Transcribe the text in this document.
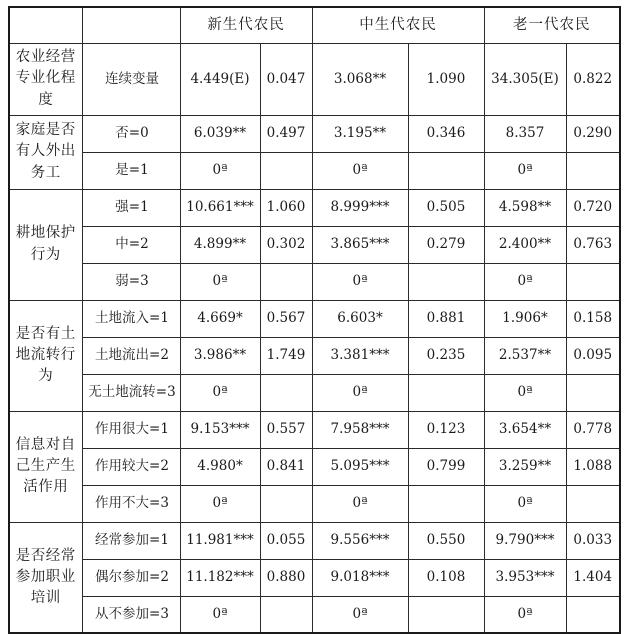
		新生代农民		中生代农民		老一代农民	
农业经营专业化程度	连续变量	4.449(E)	0.047	3.068**	1.090	34.305(E)	0.822
家庭是否有人外出务工	否=0	6.039**	0.497	3.195**	0.346	8.357	0.290
	是=1	0ª		0ª		0ª	
耕地保护行为	强=1	10.661***	1.060	8.999***	0.505	4.598**	0.720
	中=2	4.899**	0.302	3.865***	0.279	2.400**	0.763
	弱=3	0ª		0ª		0ª	
是否有土地流转行为	土地流入=1	4.669*	0.567	6.603*	0.881	1.906*	0.158
	土地流出=2	3.986**	1.749	3.381***	0.235	2.537**	0.095
	无土地流转=3	0ª		0ª		0ª	
信息对自己生产生活作用	作用很大=1	9.153***	0.557	7.958***	0.123	3.654**	0.778
	作用较大=2	4.980*	0.841	5.095***	0.799	3.259**	1.088
	作用不大=3	0ª		0ª		0ª	
是否经常参加职业培训	经常参加=1	11.981***	0.055	9.556***	0.550	9.790***	0.033
	偶尔参加=2	11.182***	0.880	9.018***	0.108	3.953***	1.404
	从不参加=3	0ª		0ª		0ª	
